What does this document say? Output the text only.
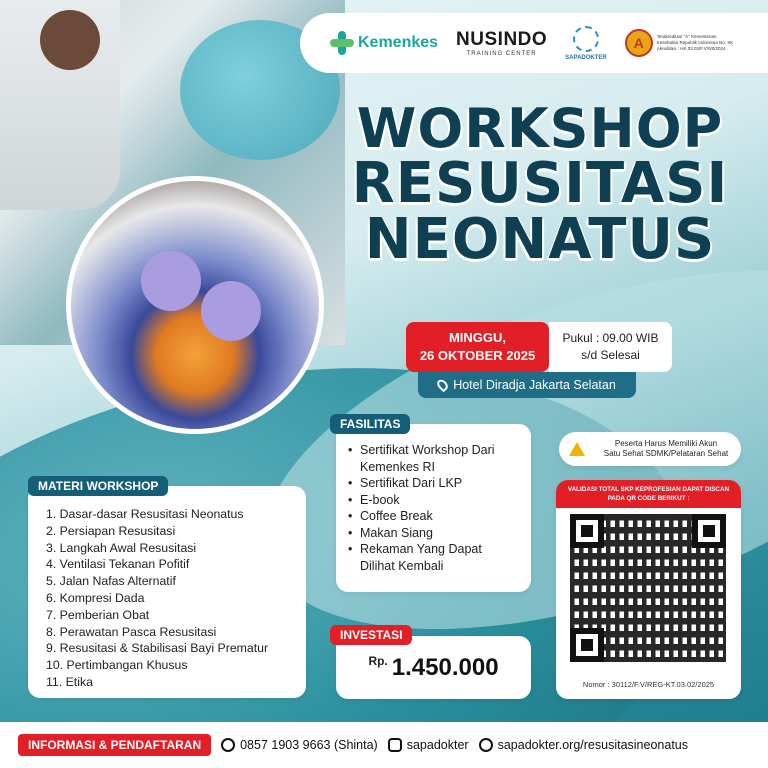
Kemenkes NUSINDO
TRAINING CENTER
SAPADOKTER
A	Terakreditasi "A" Kementerian Kesehatan Republik Indonesia No. SK Akreditasi : HK.03.02/F.V/0/0/2024
WORKSHOP
RESUSITASI
NEONATUS
MINGGU,
26 OKTOBER 2025
Pukul : 09.00 WIB
s/d Selesai
Hotel Diradja Jakarta Selatan
• Sertifikat Workshop Dari Kemenkes RI
• Sertifikat Dari LKP
• E-book
• Coffee Break
• Makan Siang
• Rekaman Yang Dapat Dilihat Kembali
FASILITAS
1. Dasar-dasar Resusitasi Neonatus
2. Persiapan Resusitasi
3. Langkah Awal Resusitasi
4. Ventilasi Tekanan Pofitif
5. Jalan Nafas Alternatif
6. Kompresi Dada
7. Pemberian Obat
8. Perawatan Pasca Resusitasi
9. Resusitasi & Stabilisasi Bayi Prematur
10. Pertimbangan Khusus
11. Etika
MATERI WORKSHOP
Rp. 1.450.000
INVESTASI
Peserta Harus Memiliki Akun
Satu Sehat SDMK/Pelataran Sehat
VALIDASI TOTAL SKP KEPROFESIAN DAPAT DISCAN PADA QR CODE BERIKUT :
Nomor : 30112/F.V/REG-KT.03.02/2025
INFORMASI & PENDAFTARAN	0857 1903 9663 (Shinta) sapadokter sapadokter.org/resusitasineonatus
